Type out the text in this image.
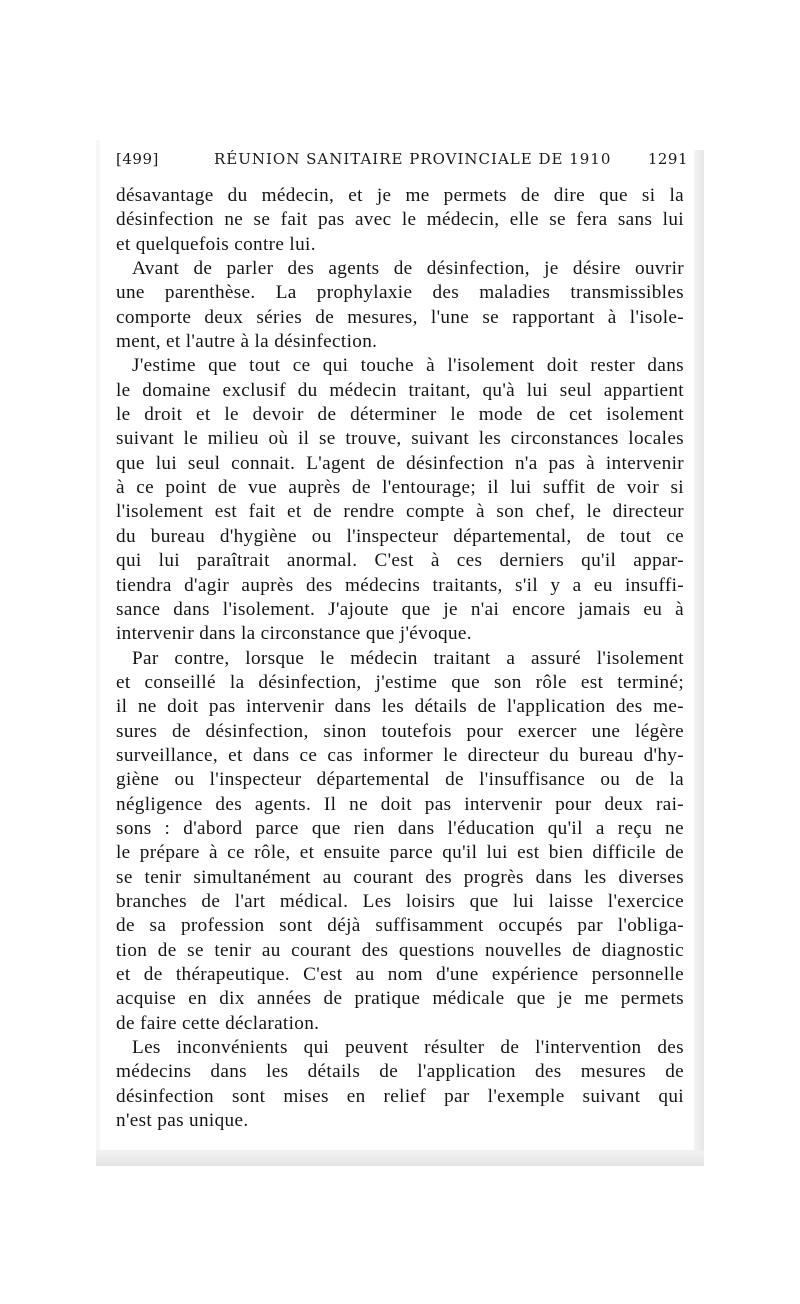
[499]	RÉUNION SANITAIRE PROVINCIALE DE 1910 1291
désavantage du médecin, et je me permets de dire que si la
désinfection ne se fait pas avec le médecin, elle se fera sans lui
et quelquefois contre lui.
Avant de parler des agents de désinfection, je désire ouvrir
une parenthèse. La prophylaxie des maladies transmissibles
comporte deux séries de mesures, l'une se rapportant à l'isole-
ment, et l'autre à la désinfection.
J'estime que tout ce qui touche à l'isolement doit rester dans
le domaine exclusif du médecin traitant, qu'à lui seul appartient
le droit et le devoir de déterminer le mode de cet isolement
suivant le milieu où il se trouve, suivant les circonstances locales
que lui seul connait. L'agent de désinfection n'a pas à intervenir
à ce point de vue auprès de l'entourage; il lui suffit de voir si
l'isolement est fait et de rendre compte à son chef, le directeur
du bureau d'hygiène ou l'inspecteur départemental, de tout ce
qui lui paraîtrait anormal. C'est à ces derniers qu'il appar-
tiendra d'agir auprès des médecins traitants, s'il y a eu insuffi-
sance dans l'isolement. J'ajoute que je n'ai encore jamais eu à
intervenir dans la circonstance que j'évoque.
Par contre, lorsque le médecin traitant a assuré l'isolement
et conseillé la désinfection, j'estime que son rôle est terminé;
il ne doit pas intervenir dans les détails de l'application des me-
sures de désinfection, sinon toutefois pour exercer une légère
surveillance, et dans ce cas informer le directeur du bureau d'hy-
giène ou l'inspecteur départemental de l'insuffisance ou de la
négligence des agents. Il ne doit pas intervenir pour deux rai-
sons : d'abord parce que rien dans l'éducation qu'il a reçu ne
le prépare à ce rôle, et ensuite parce qu'il lui est bien difficile de
se tenir simultanément au courant des progrès dans les diverses
branches de l'art médical. Les loisirs que lui laisse l'exercice
de sa profession sont déjà suffisamment occupés par l'obliga-
tion de se tenir au courant des questions nouvelles de diagnostic
et de thérapeutique. C'est au nom d'une expérience personnelle
acquise en dix années de pratique médicale que je me permets
de faire cette déclaration.
Les inconvénients qui peuvent résulter de l'intervention des
médecins dans les détails de l'application des mesures de
désinfection sont mises en relief par l'exemple suivant qui
n'est pas unique.
